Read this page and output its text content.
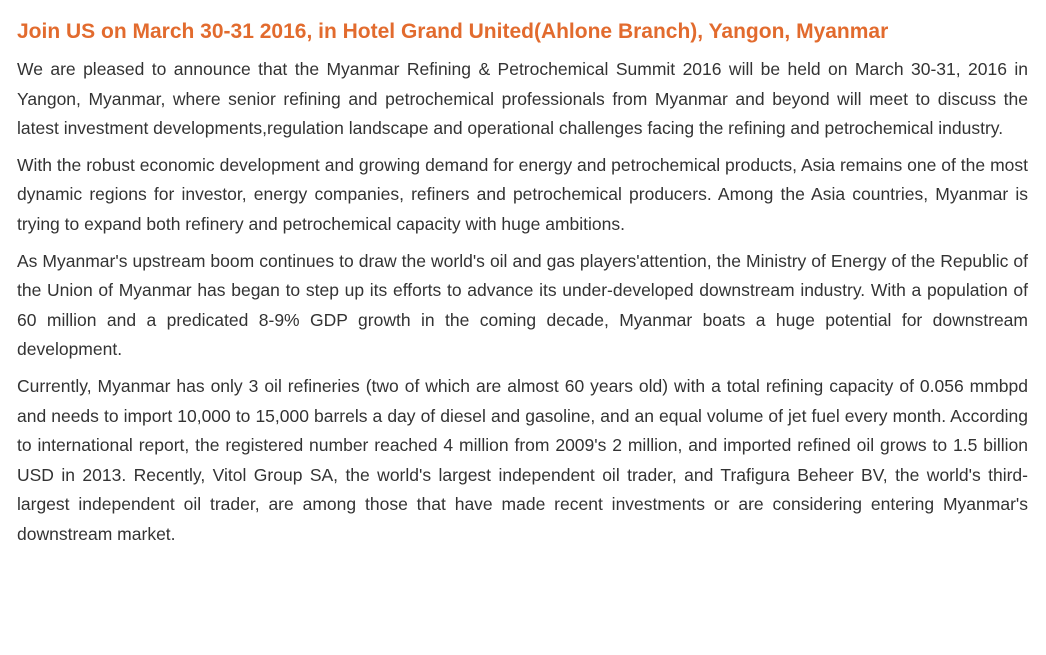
Join US on March 30-31 2016, in Hotel Grand United(Ahlone Branch), Yangon, Myanmar

We are pleased to announce that the Myanmar Refining & Petrochemical Summit 2016 will be held on March 30-31, 2016 in Yangon, Myanmar, where senior refining and petrochemical professionals from Myanmar and beyond will meet to discuss the latest investment developments,regulation landscape and operational challenges facing the refining and petrochemical industry.

With the robust economic development and growing demand for energy and petrochemical products, Asia remains one of the most dynamic regions for investor, energy companies, refiners and petrochemical producers. Among the Asia countries, Myanmar is trying to expand both refinery and petrochemical capacity with huge ambitions.

As Myanmar's upstream boom continues to draw the world's oil and gas players'attention, the Ministry of Energy of the Republic of the Union of Myanmar has began to step up its efforts to advance its under-developed downstream industry. With a population of 60 million and a predicated 8-9% GDP growth in the coming decade, Myanmar boats a huge potential for downstream development.

Currently, Myanmar has only 3 oil refineries (two of which are almost 60 years old) with a total refining capacity of 0.056 mmbpd and needs to import 10,000 to 15,000 barrels a day of diesel and gasoline, and an equal volume of jet fuel every month. According to international report, the registered number reached 4 million from 2009's 2 million, and imported refined oil grows to 1.5 billion USD in 2013. Recently, Vitol Group SA, the world's largest independent oil trader, and Trafigura Beheer BV, the world's third-largest independent oil trader, are among those that have made recent investments or are considering entering Myanmar's downstream market.
